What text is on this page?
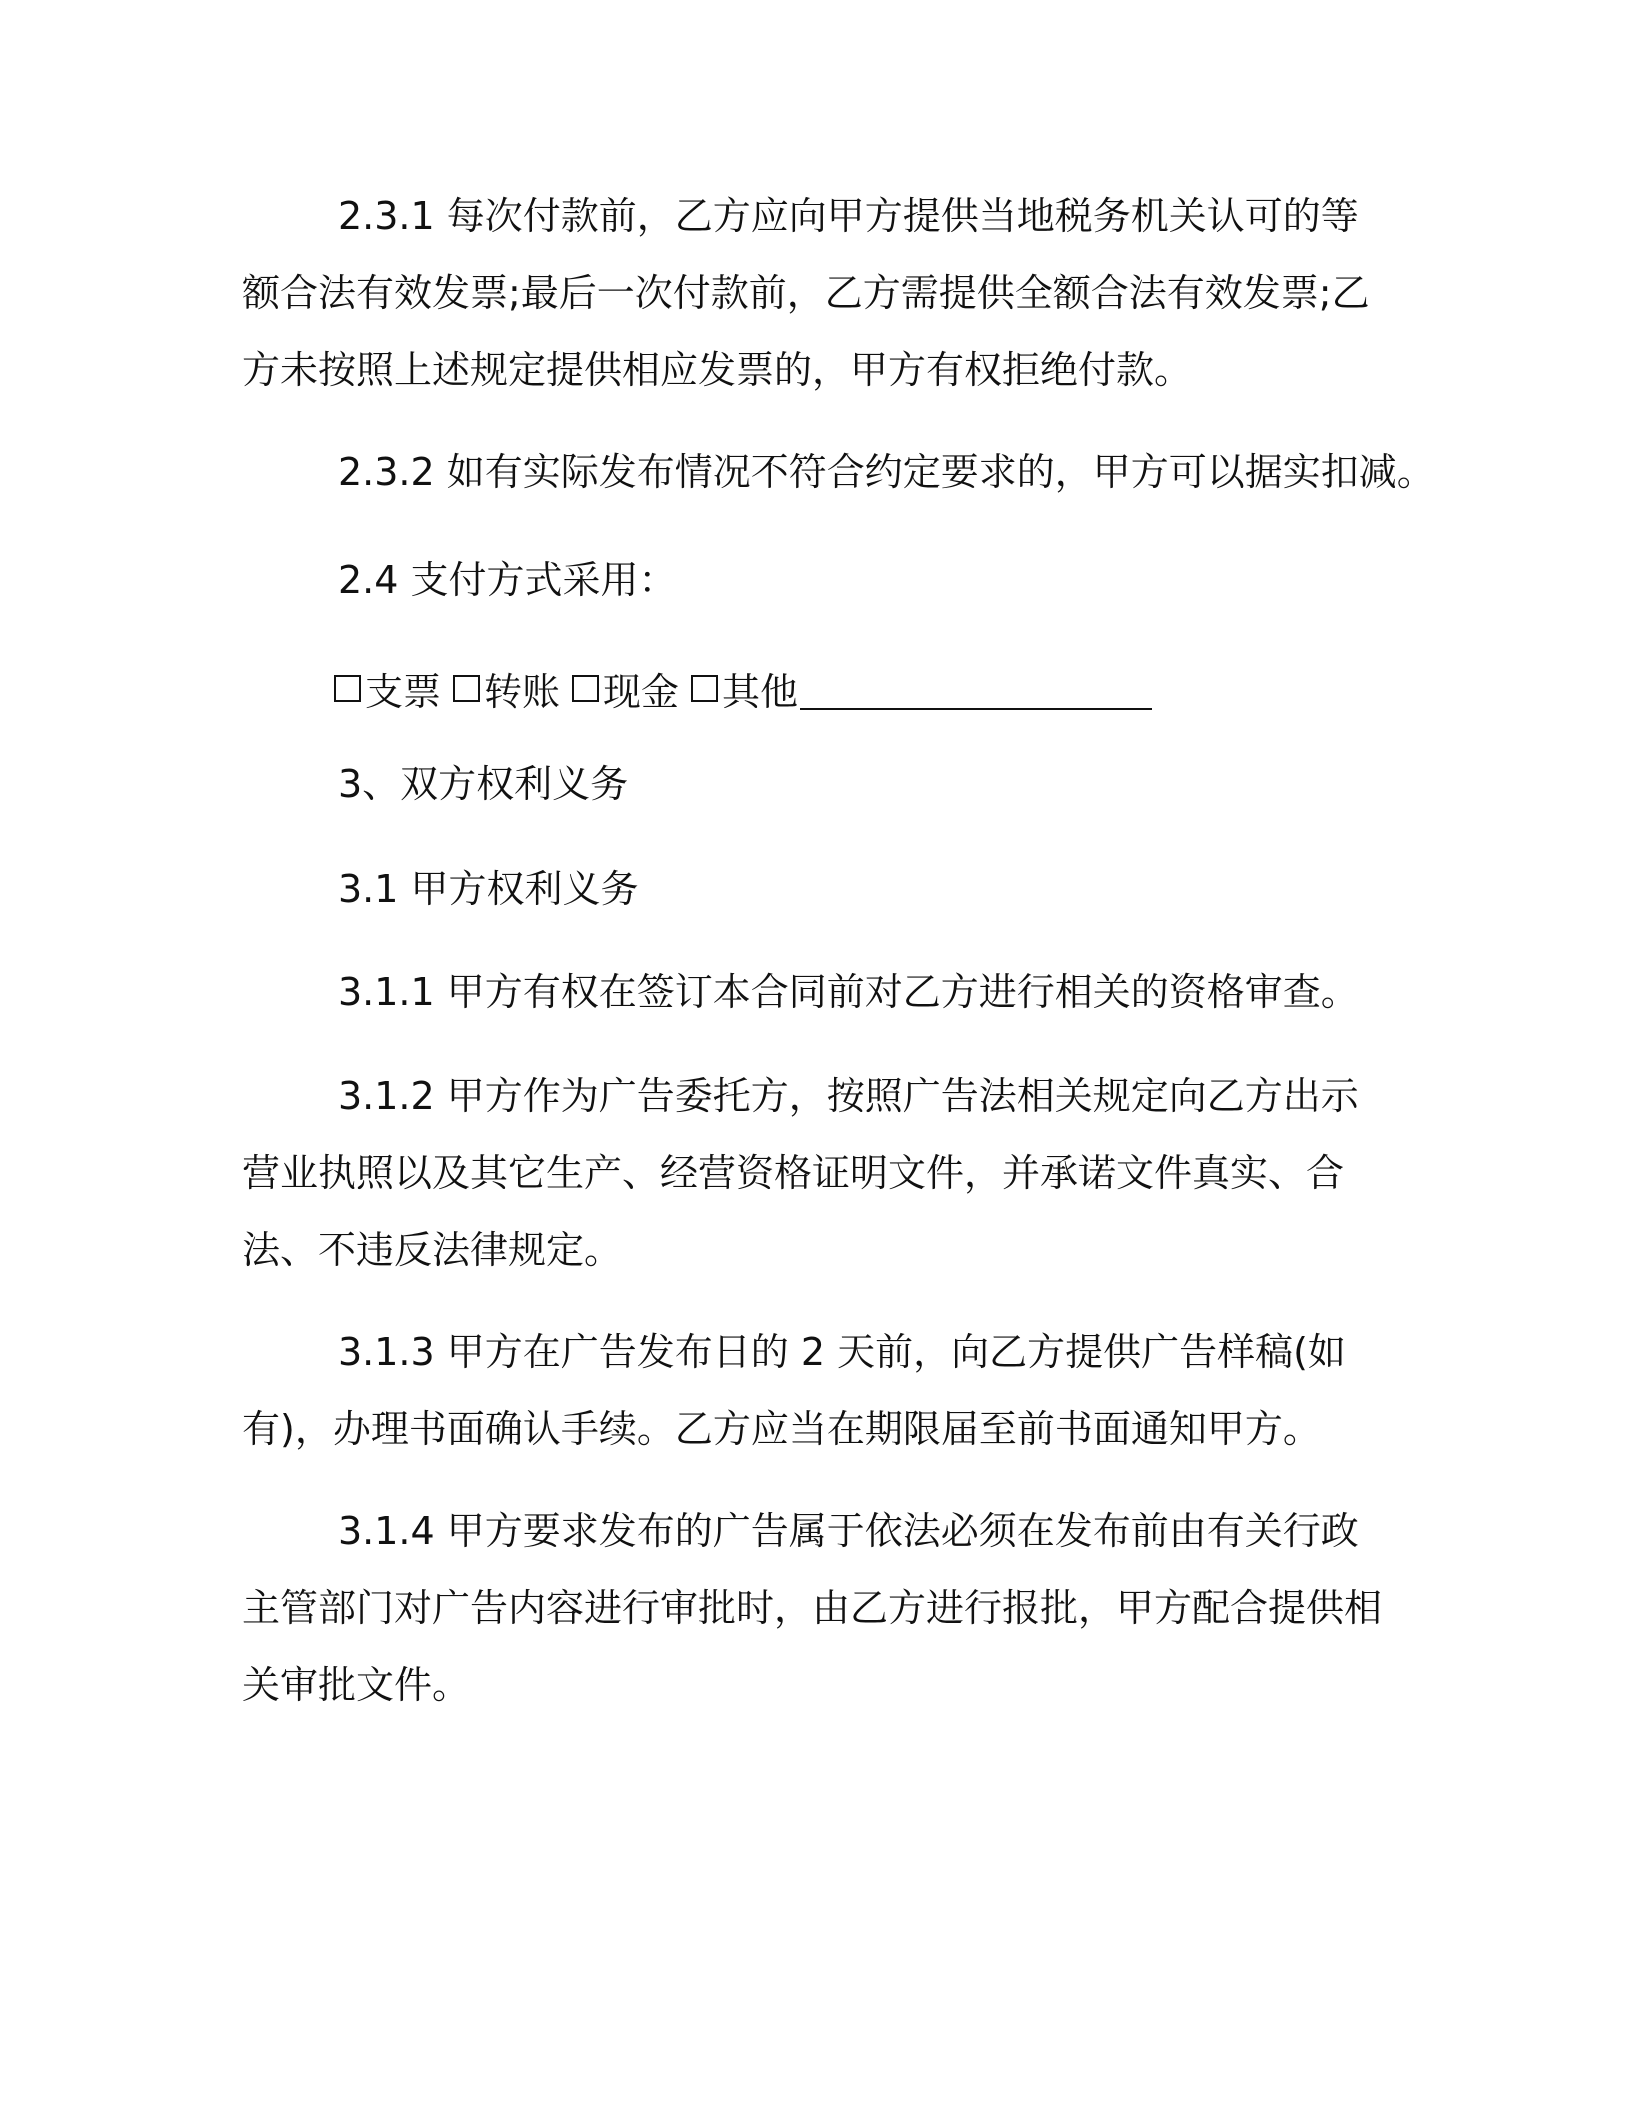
2.3.1 每次付款前，乙方应向甲方提供当地税务机关认可的等额合法有效发票;最后一次付款前，乙方需提供全额合法有效发票;乙方未按照上述规定提供相应发票的，甲方有权拒绝付款。

2.3.2 如有实际发布情况不符合约定要求的，甲方可以据实扣减。

2.4 支付方式采用：

支票 转账 现金 其他

3、双方权利义务

3.1 甲方权利义务

3.1.1 甲方有权在签订本合同前对乙方进行相关的资格审查。

3.1.2 甲方作为广告委托方，按照广告法相关规定向乙方出示营业执照以及其它生产、经营资格证明文件，并承诺文件真实、合法、不违反法律规定。

3.1.3 甲方在广告发布日的 2 天前，向乙方提供广告样稿(如有)，办理书面确认手续。乙方应当在期限届至前书面通知甲方。

3.1.4 甲方要求发布的广告属于依法必须在发布前由有关行政主管部门对广告内容进行审批时，由乙方进行报批，甲方配合提供相关审批文件。
